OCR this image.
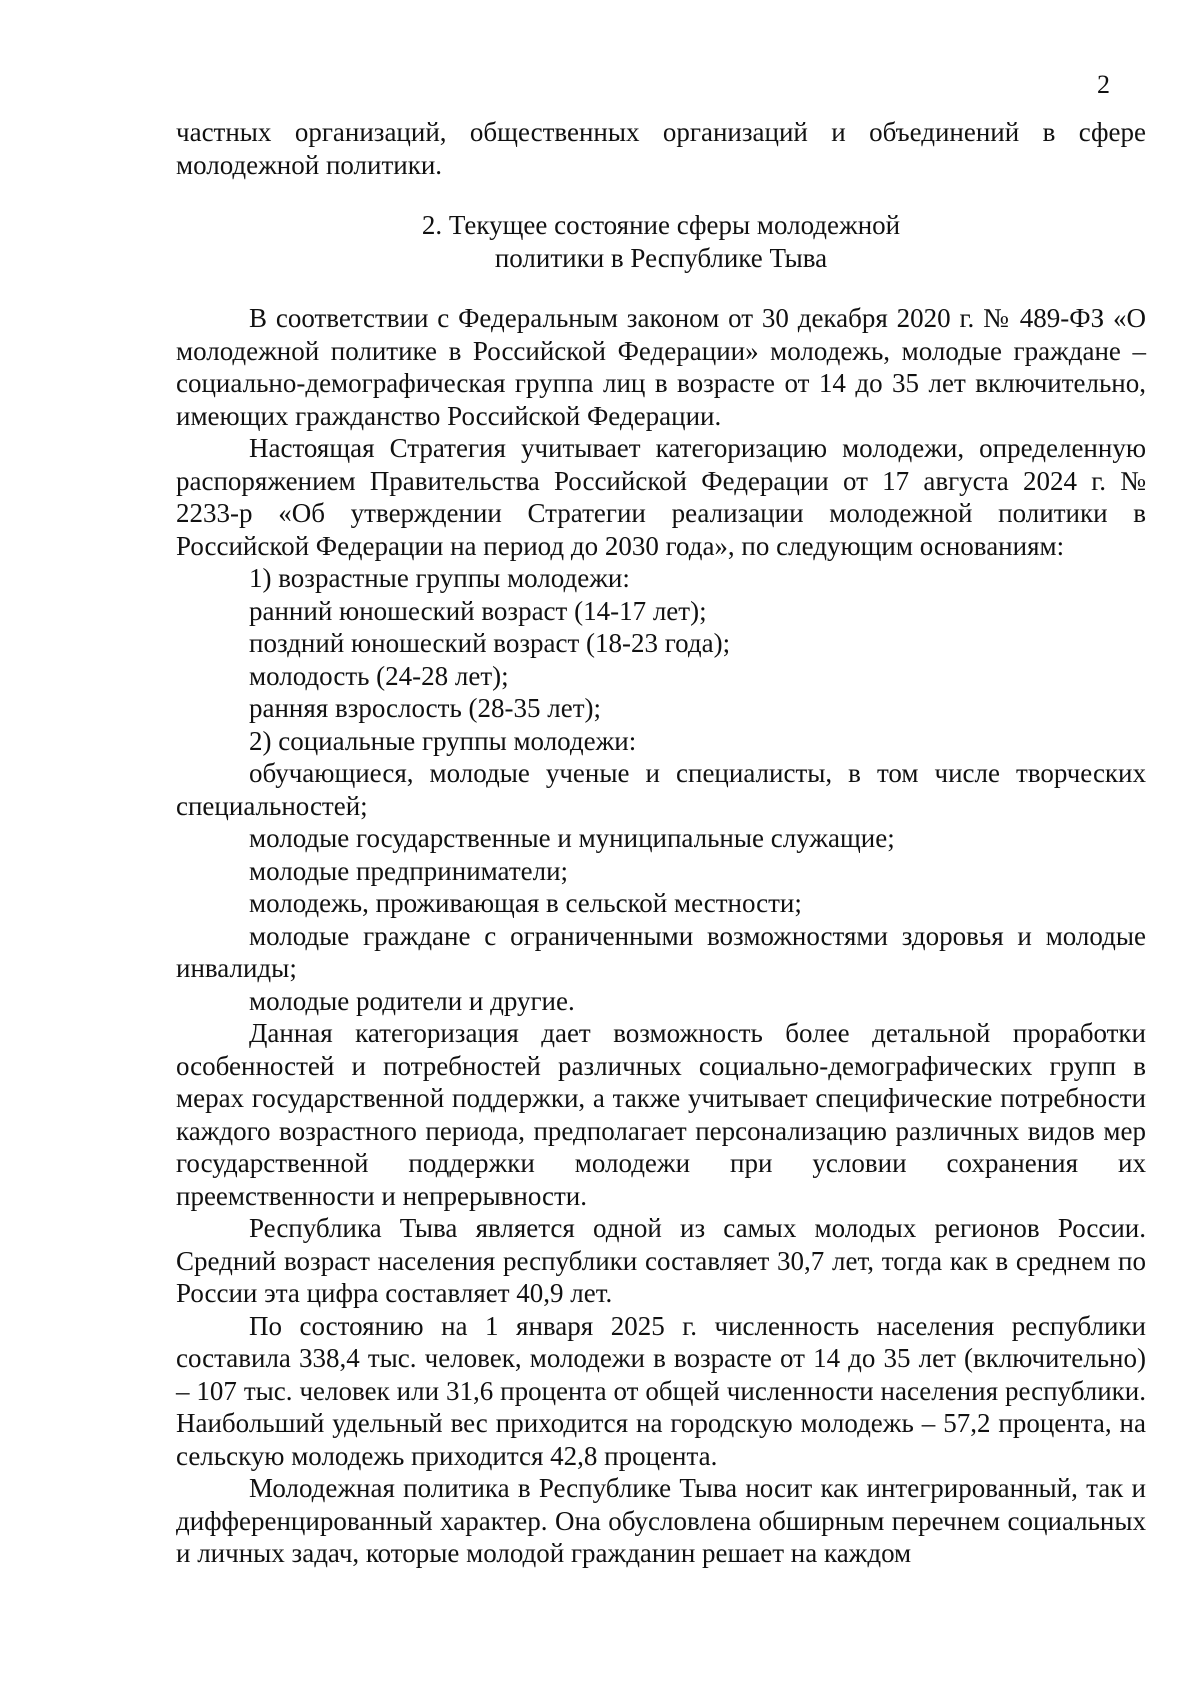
2

частных организаций, общественных организаций и объединений в сфере молодежной политики.

2. Текущее состояние сферы молодежной
политики в Республике Тыва

В соответствии с Федеральным законом от 30 декабря 2020 г. № 489-ФЗ «О молодежной политике в Российской Федерации» молодежь, молодые граждане – социально-демографическая группа лиц в возрасте от 14 до 35 лет включительно, имеющих гражданство Российской Федерации.

Настоящая Стратегия учитывает категоризацию молодежи, определенную распоряжением Правительства Российской Федерации от 17 августа 2024 г. № 2233-р «Об утверждении Стратегии реализации молодежной политики в Российской Федерации на период до 2030 года», по следующим основаниям:

1) возрастные группы молодежи:

ранний юношеский возраст (14-17 лет);

поздний юношеский возраст (18-23 года);

молодость (24-28 лет);

ранняя взрослость (28-35 лет);

2) социальные группы молодежи:

обучающиеся, молодые ученые и специалисты, в том числе творческих специальностей;

молодые государственные и муниципальные служащие;

молодые предприниматели;

молодежь, проживающая в сельской местности;

молодые граждане с ограниченными возможностями здоровья и молодые инвалиды;

молодые родители и другие.

Данная категоризация дает возможность более детальной проработки особенностей и потребностей различных социально-демографических групп в мерах государственной поддержки, а также учитывает специфические потребности каждого возрастного периода, предполагает персонализацию различных видов мер государственной поддержки молодежи при условии сохранения их преемственности и непрерывности.

Республика Тыва является одной из самых молодых регионов России. Средний возраст населения республики составляет 30,7 лет, тогда как в среднем по России эта цифра составляет 40,9 лет.

По состоянию на 1 января 2025 г. численность населения республики составила 338,4 тыс. человек, молодежи в возрасте от 14 до 35 лет (включительно) – 107 тыс. человек или 31,6 процента от общей численности населения республики. Наибольший удельный вес приходится на городскую молодежь – 57,2 процента, на сельскую молодежь приходится 42,8 процента.

Молодежная политика в Республике Тыва носит как интегрированный, так и дифференцированный характер. Она обусловлена обширным перечнем социальных и личных задач, которые молодой гражданин решает на каждом
